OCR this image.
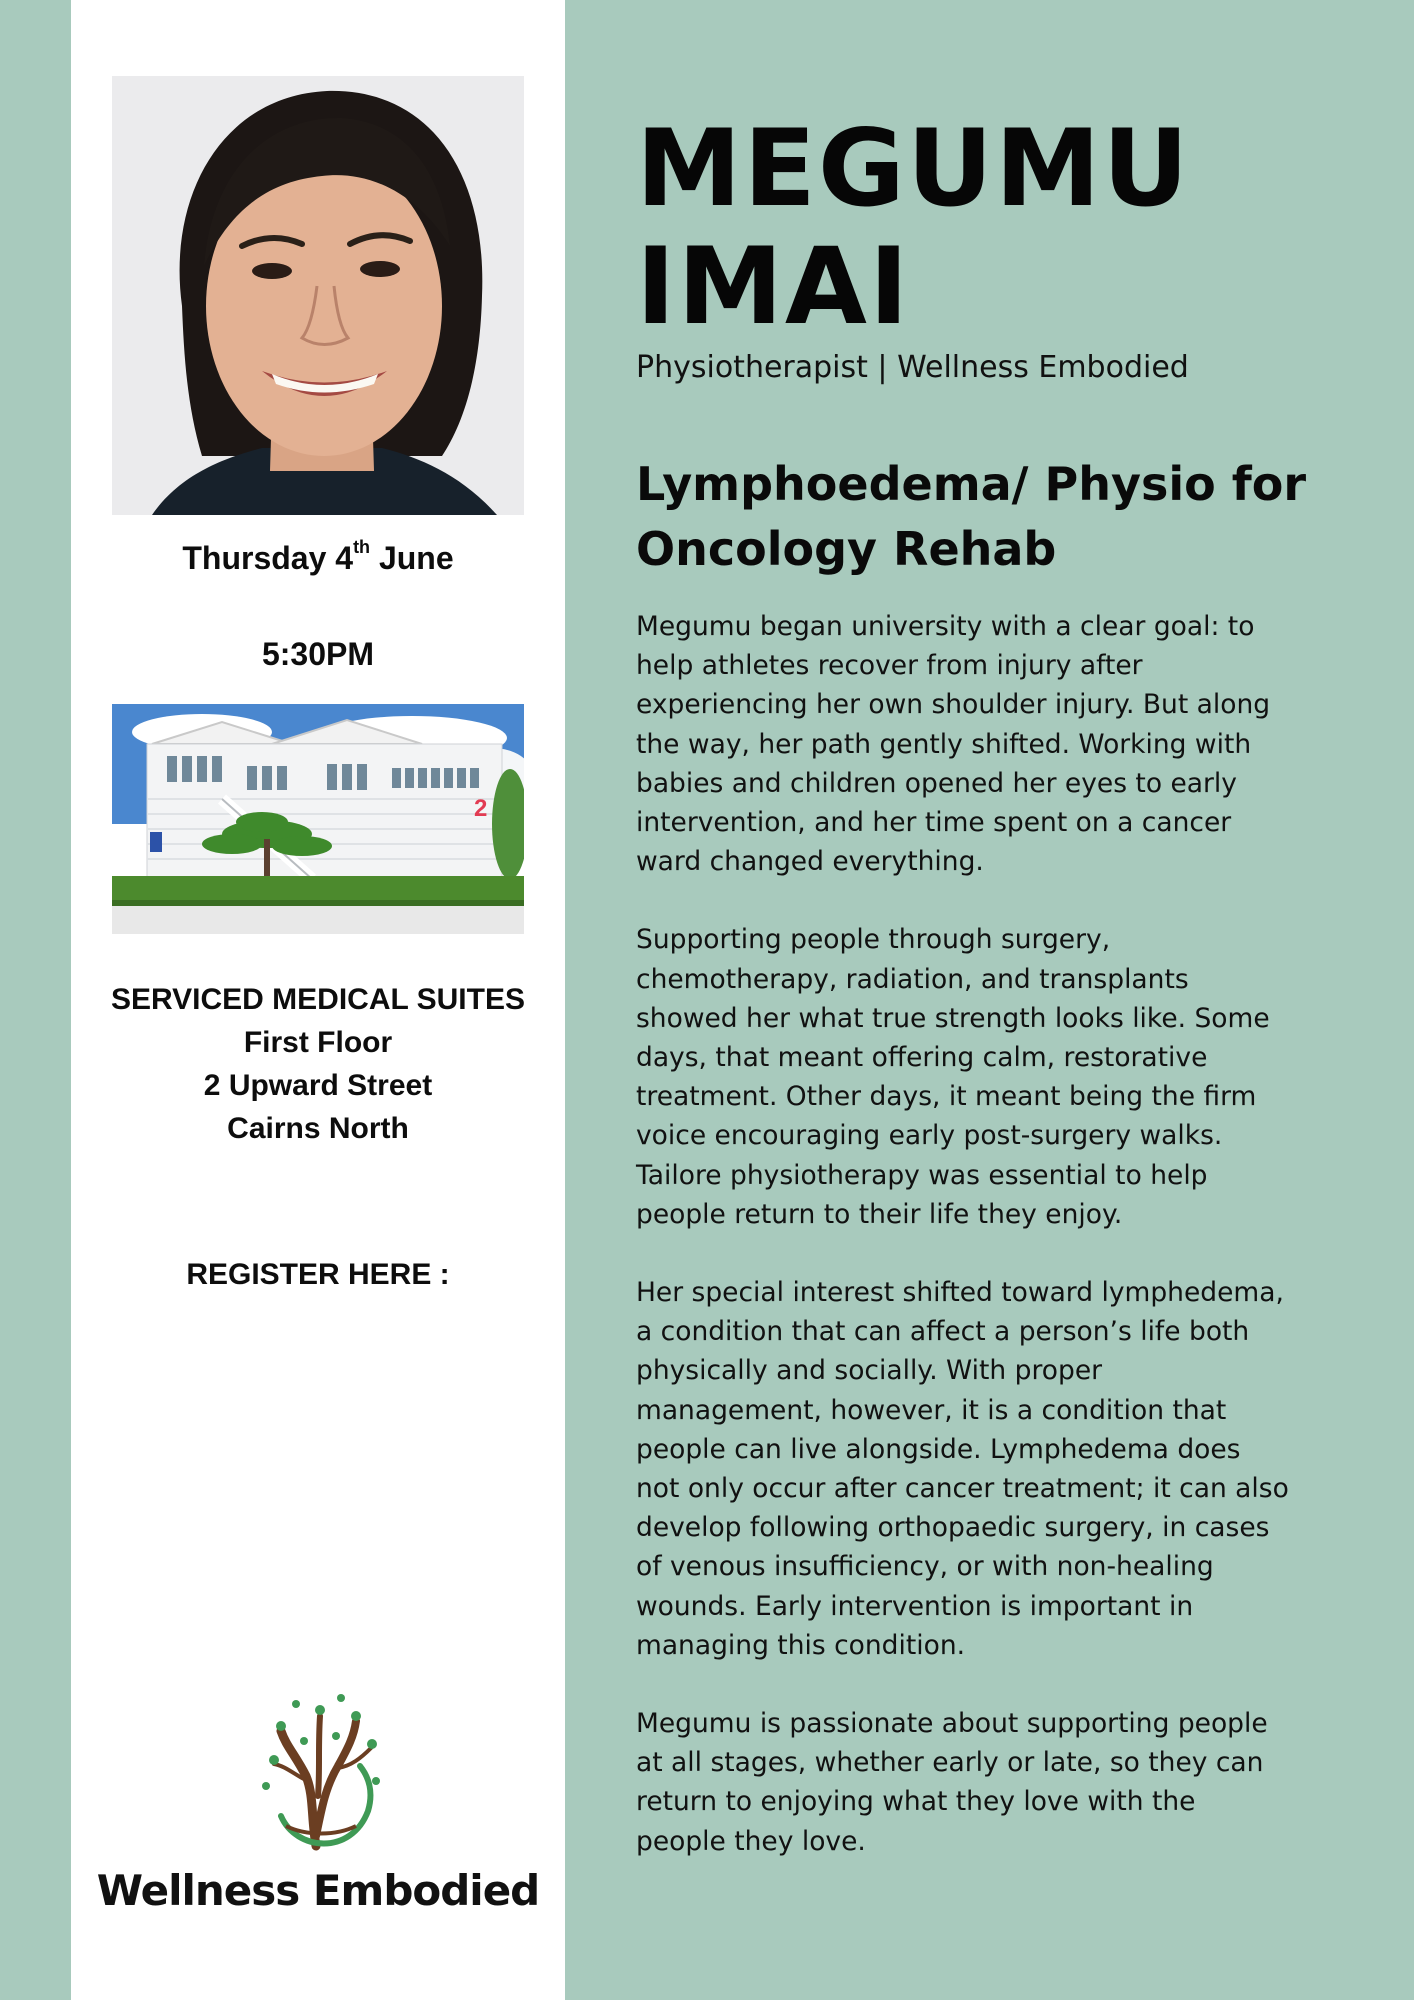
Thursday 4th June
5:30PM
2
SERVICED MEDICAL SUITES
First Floor
2 Upward Street
Cairns North
REGISTER HERE :
Wellness Embodied
MEGUMU
IMAI
Physiotherapist | Wellness Embodied
Lymphoedema/ Physio for
Oncology Rehab

Megumu began university with a clear goal: to
help athletes recover from injury after
experiencing her own shoulder injury. But along
the way, her path gently shifted. Working with
babies and children opened her eyes to early
intervention, and her time spent on a cancer
ward changed everything.

Supporting people through surgery,
chemotherapy, radiation, and transplants
showed her what true strength looks like. Some
days, that meant offering calm, restorative
treatment. Other days, it meant being the firm
voice encouraging early post-surgery walks.
Tailore physiotherapy was essential to help
people return to their life they enjoy.

Her special interest shifted toward lymphedema,
a condition that can affect a person’s life both
physically and socially. With proper
management, however, it is a condition that
people can live alongside. Lymphedema does
not only occur after cancer treatment; it can also
develop following orthopaedic surgery, in cases
of venous insufficiency, or with non-healing
wounds. Early intervention is important in
managing this condition.

Megumu is passionate about supporting people
at all stages, whether early or late, so they can
return to enjoying what they love with the
people they love.
